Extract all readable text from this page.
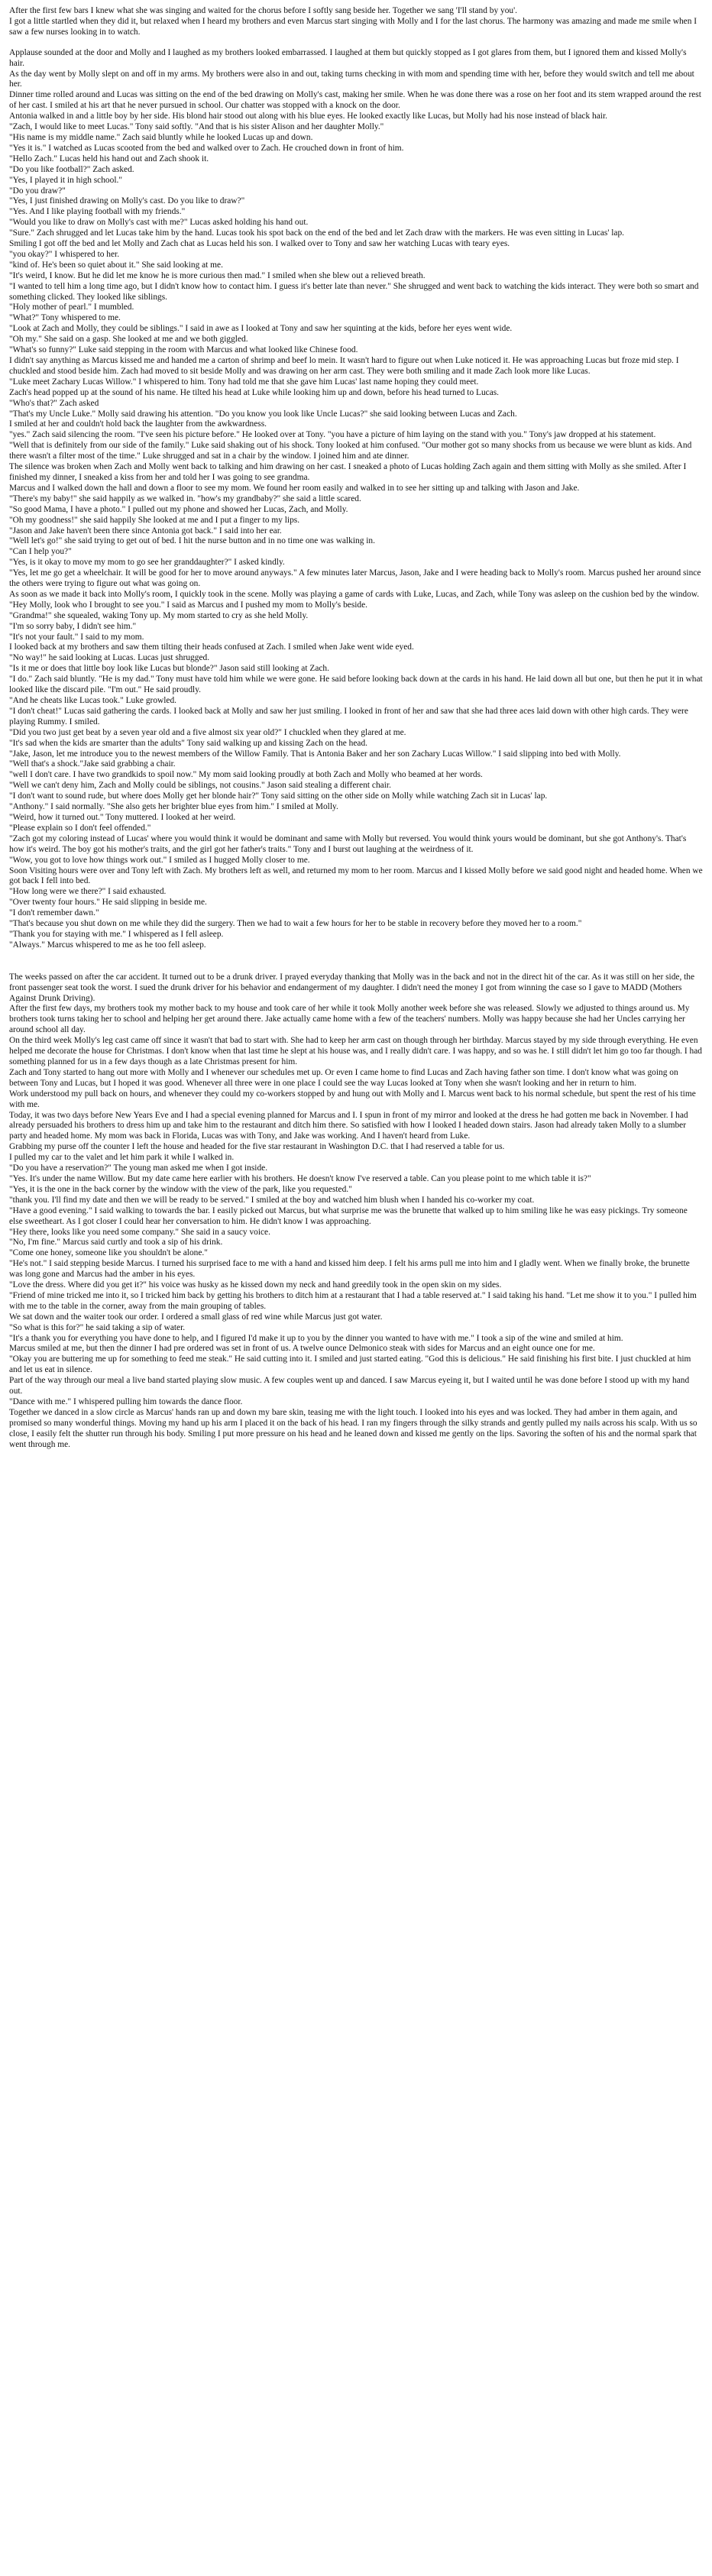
After the first few bars I knew what she was singing and waited for the chorus before I softly sang beside her. Together we sang 'I'll stand by you'.

I got a little startled when they did it, but relaxed when I heard my brothers and even Marcus start singing with Molly and I for the last chorus. The harmony was amazing and made me smile when I saw a few nurses looking in to watch.

Applause sounded at the door and Molly and I laughed as my brothers looked embarrassed. I laughed at them but quickly stopped as I got glares from them, but I ignored them and kissed Molly's hair.

As the day went by Molly slept on and off in my arms. My brothers were also in and out, taking turns checking in with mom and spending time with her, before they would switch and tell me about her.

Dinner time rolled around and Lucas was sitting on the end of the bed drawing on Molly's cast, making her smile. When he was done there was a rose on her foot and its stem wrapped around the rest of her cast. I smiled at his art that he never pursued in school. Our chatter was stopped with a knock on the door.

Antonia walked in and a little boy by her side. His blond hair stood out along with his blue eyes. He looked exactly like Lucas, but Molly had his nose instead of black hair.

"Zach, I would like to meet Lucas." Tony said softly. "And that is his sister Alison and her daughter Molly."

"His name is my middle name." Zach said bluntly while he looked Lucas up and down.

"Yes it is." I watched as Lucas scooted from the bed and walked over to Zach. He crouched down in front of him.

"Hello Zach." Lucas held his hand out and Zach shook it.

"Do you like football?" Zach asked.

"Yes, I played it in high school."

"Do you draw?"

"Yes, I just finished drawing on Molly's cast. Do you like to draw?"

"Yes. And I like playing football with my friends."

"Would you like to draw on Molly's cast with me?" Lucas asked holding his hand out.

"Sure." Zach shrugged and let Lucas take him by the hand. Lucas took his spot back on the end of the bed and let Zach draw with the markers. He was even sitting in Lucas' lap.

Smiling I got off the bed and let Molly and Zach chat as Lucas held his son. I walked over to Tony and saw her watching Lucas with teary eyes.

"you okay?" I whispered to her.

"kind of. He's been so quiet about it." She said looking at me.

"It's weird, I know. But he did let me know he is more curious then mad." I smiled when she blew out a relieved breath.

"I wanted to tell him a long time ago, but I didn't know how to contact him. I guess it's better late than never." She shrugged and went back to watching the kids interact. They were both so smart and something clicked. They looked like siblings.

"Holy mother of pearl." I mumbled.

"What?" Tony whispered to me.

"Look at Zach and Molly, they could be siblings." I said in awe as I looked at Tony and saw her squinting at the kids, before her eyes went wide.

"Oh my." She said on a gasp. She looked at me and we both giggled.

"What's so funny?" Luke said stepping in the room with Marcus and what looked like Chinese food.

I didn't say anything as Marcus kissed me and handed me a carton of shrimp and beef lo mein. It wasn't hard to figure out when Luke noticed it. He was approaching Lucas but froze mid step. I chuckled and stood beside him. Zach had moved to sit beside Molly and was drawing on her arm cast. They were both smiling and it made Zach look more like Lucas.

"Luke meet Zachary Lucas Willow." I whispered to him. Tony had told me that she gave him Lucas' last name hoping they could meet.

Zach's head popped up at the sound of his name. He tilted his head at Luke while looking him up and down, before his head turned to Lucas.

"Who's that?" Zach asked

"That's my Uncle Luke." Molly said drawing his attention. "Do you know you look like Uncle Lucas?" she said looking between Lucas and Zach.

I smiled at her and couldn't hold back the laughter from the awkwardness.

"yes." Zach said silencing the room. "I've seen his picture before." He looked over at Tony. "you have a picture of him laying on the stand with you." Tony's jaw dropped at his statement.

"Well that is definitely from our side of the family." Luke said shaking out of his shock. Tony looked at him confused. "Our mother got so many shocks from us because we were blunt as kids. And there wasn't a filter most of the time." Luke shrugged and sat in a chair by the window. I joined him and ate dinner.

The silence was broken when Zach and Molly went back to talking and him drawing on her cast. I sneaked a photo of Lucas holding Zach again and them sitting with Molly as she smiled. After I finished my dinner, I sneaked a kiss from her and told her I was going to see grandma.

Marcus and I walked down the hall and down a floor to see my mom. We found her room easily and walked in to see her sitting up and talking with Jason and Jake.

"There's my baby!" she said happily as we walked in. "how's my grandbaby?" she said a little scared.

"So good Mama, I have a photo." I pulled out my phone and showed her Lucas, Zach, and Molly.

"Oh my goodness!" she said happily She looked at me and I put a finger to my lips.

"Jason and Jake haven't been there since Antonia got back." I said into her ear.

"Well let's go!" she said trying to get out of bed. I hit the nurse button and in no time one was walking in.

"Can I help you?"

"Yes, is it okay to move my mom to go see her granddaughter?" I asked kindly.

"Yes, let me go get a wheelchair. It will be good for her to move around anyways." A few minutes later Marcus, Jason, Jake and I were heading back to Molly's room. Marcus pushed her around since the others were trying to figure out what was going on.

As soon as we made it back into Molly's room, I quickly took in the scene. Molly was playing a game of cards with Luke, Lucas, and Zach, while Tony was asleep on the cushion bed by the window.

"Hey Molly, look who I brought to see you." I said as Marcus and I pushed my mom to Molly's beside.

"Grandma!" she squealed, waking Tony up. My mom started to cry as she held Molly.

"I'm so sorry baby, I didn't see him."

"It's not your fault." I said to my mom.

I looked back at my brothers and saw them tilting their heads confused at Zach. I smiled when Jake went wide eyed.

"No way!" he said looking at Lucas. Lucas just shrugged.

"Is it me or does that little boy look like Lucas but blonde?" Jason said still looking at Zach.

"I do." Zach said bluntly. "He is my dad." Tony must have told him while we were gone. He said before looking back down at the cards in his hand. He laid down all but one, but then he put it in what looked like the discard pile. "I'm out." He said proudly.

"And he cheats like Lucas took." Luke growled.

"I don't cheat!" Lucas said gathering the cards. I looked back at Molly and saw her just smiling. I looked in front of her and saw that she had three aces laid down with other high cards. They were playing Rummy. I smiled.

"Did you two just get beat by a seven year old and a five almost six year old?" I chuckled when they glared at me.

"It's sad when the kids are smarter than the adults" Tony said walking up and kissing Zach on the head.

"Jake, Jason, let me introduce you to the newest members of the Willow Family. That is Antonia Baker and her son Zachary Lucas Willow." I said slipping into bed with Molly.

"Well that's a shock."Jake said grabbing a chair.

"well I don't care. I have two grandkids to spoil now." My mom said looking proudly at both Zach and Molly who beamed at her words.

"Well we can't deny him, Zach and Molly could be siblings, not cousins." Jason said stealing a different chair.

"I don't want to sound rude, but where does Molly get her blonde hair?" Tony said sitting on the other side on Molly while watching Zach sit in Lucas' lap.

"Anthony." I said normally. "She also gets her brighter blue eyes from him." I smiled at Molly.

"Weird, how it turned out." Tony muttered. I looked at her weird.

"Please explain so I don't feel offended."

"Zach got my coloring instead of Lucas' where you would think it would be dominant and same with Molly but reversed. You would think yours would be dominant, but she got Anthony's. That's how it's weird. The boy got his mother's traits, and the girl got her father's traits." Tony and I burst out laughing at the weirdness of it.

"Wow, you got to love how things work out." I smiled as I hugged Molly closer to me.

Soon Visiting hours were over and Tony left with Zach. My brothers left as well, and returned my mom to her room. Marcus and I kissed Molly before we said good night and headed home. When we got back I fell into bed.

"How long were we there?" I said exhausted.

"Over twenty four hours." He said slipping in beside me.

"I don't remember dawn."

"That's because you shut down on me while they did the surgery. Then we had to wait a few hours for her to be stable in recovery before they moved her to a room."

"Thank you for staying with me." I whispered as I fell asleep.

"Always." Marcus whispered to me as he too fell asleep.

The weeks passed on after the car accident. It turned out to be a drunk driver. I prayed everyday thanking that Molly was in the back and not in the direct hit of the car. As it was still on her side, the front passenger seat took the worst. I sued the drunk driver for his behavior and endangerment of my daughter. I didn't need the money I got from winning the case so I gave to MADD (Mothers Against Drunk Driving).

After the first few days, my brothers took my mother back to my house and took care of her while it took Molly another week before she was released. Slowly we adjusted to things around us. My brothers took turns taking her to school and helping her get around there. Jake actually came home with a few of the teachers' numbers. Molly was happy because she had her Uncles carrying her around school all day.

On the third week Molly's leg cast came off since it wasn't that bad to start with. She had to keep her arm cast on though through her birthday. Marcus stayed by my side through everything. He even helped me decorate the house for Christmas. I don't know when that last time he slept at his house was, and I really didn't care. I was happy, and so was he. I still didn't let him go too far though. I had something planned for us in a few days though as a late Christmas present for him.

Zach and Tony started to hang out more with Molly and I whenever our schedules met up. Or even I came home to find Lucas and Zach having father son time. I don't know what was going on between Tony and Lucas, but I hoped it was good. Whenever all three were in one place I could see the way Lucas looked at Tony when she wasn't looking and her in return to him.

Work understood my pull back on hours, and whenever they could my co-workers stopped by and hung out with Molly and I. Marcus went back to his normal schedule, but spent the rest of his time with me.

Today, it was two days before New Years Eve and I had a special evening planned for Marcus and I. I spun in front of my mirror and looked at the dress he had gotten me back in November. I had already persuaded his brothers to dress him up and take him to the restaurant and ditch him there. So satisfied with how I looked I headed down stairs. Jason had already taken Molly to a slumber party and headed home. My mom was back in Florida, Lucas was with Tony, and Jake was working. And I haven't heard from Luke.

Grabbing my purse off the counter I left the house and headed for the five star restaurant in Washington D.C. that I had reserved a table for us.

I pulled my car to the valet and let him park it while I walked in.

"Do you have a reservation?" The young man asked me when I got inside.

"Yes. It's under the name Willow. But my date came here earlier with his brothers. He doesn't know I've reserved a table. Can you please point to me which table it is?"

"Yes, it is the one in the back corner by the window with the view of the park, like you requested."

"thank you. I'll find my date and then we will be ready to be served." I smiled at the boy and watched him blush when I handed his co-worker my coat.

"Have a good evening." I said walking to towards the bar. I easily picked out Marcus, but what surprise me was the brunette that walked up to him smiling like he was easy pickings. Try someone else sweetheart. As I got closer I could hear her conversation to him. He didn't know I was approaching.

"Hey there, looks like you need some company." She said in a saucy voice.

"No, I'm fine." Marcus said curtly and took a sip of his drink.

"Come one honey, someone like you shouldn't be alone."

"He's not." I said stepping beside Marcus. I turned his surprised face to me with a hand and kissed him deep. I felt his arms pull me into him and I gladly went. When we finally broke, the brunette was long gone and Marcus had the amber in his eyes.

"Love the dress. Where did you get it?" his voice was husky as he kissed down my neck and hand greedily took in the open skin on my sides.

"Friend of mine tricked me into it, so I tricked him back by getting his brothers to ditch him at a restaurant that I had a table reserved at." I said taking his hand. "Let me show it to you." I pulled him with me to the table in the corner, away from the main grouping of tables.

We sat down and the waiter took our order. I ordered a small glass of red wine while Marcus just got water.

"So what is this for?" he said taking a sip of water.

"It's a thank you for everything you have done to help, and I figured I'd make it up to you by the dinner you wanted to have with me." I took a sip of the wine and smiled at him.

Marcus smiled at me, but then the dinner I had pre ordered was set in front of us. A twelve ounce Delmonico steak with sides for Marcus and an eight ounce one for me.

"Okay you are buttering me up for something to feed me steak." He said cutting into it. I smiled and just started eating. "God this is delicious." He said finishing his first bite. I just chuckled at him and let us eat in silence.

Part of the way through our meal a live band started playing slow music. A few couples went up and danced. I saw Marcus eyeing it, but I waited until he was done before I stood up with my hand out.

"Dance with me." I whispered pulling him towards the dance floor.

Together we danced in a slow circle as Marcus' hands ran up and down my bare skin, teasing me with the light touch. I looked into his eyes and was locked. They had amber in them again, and promised so many wonderful things. Moving my hand up his arm I placed it on the back of his head. I ran my fingers through the silky strands and gently pulled my nails across his scalp. With us so close, I easily felt the shutter run through his body. Smiling I put more pressure on his head and he leaned down and kissed me gently on the lips. Savoring the soften of his and the normal spark that went through me.
